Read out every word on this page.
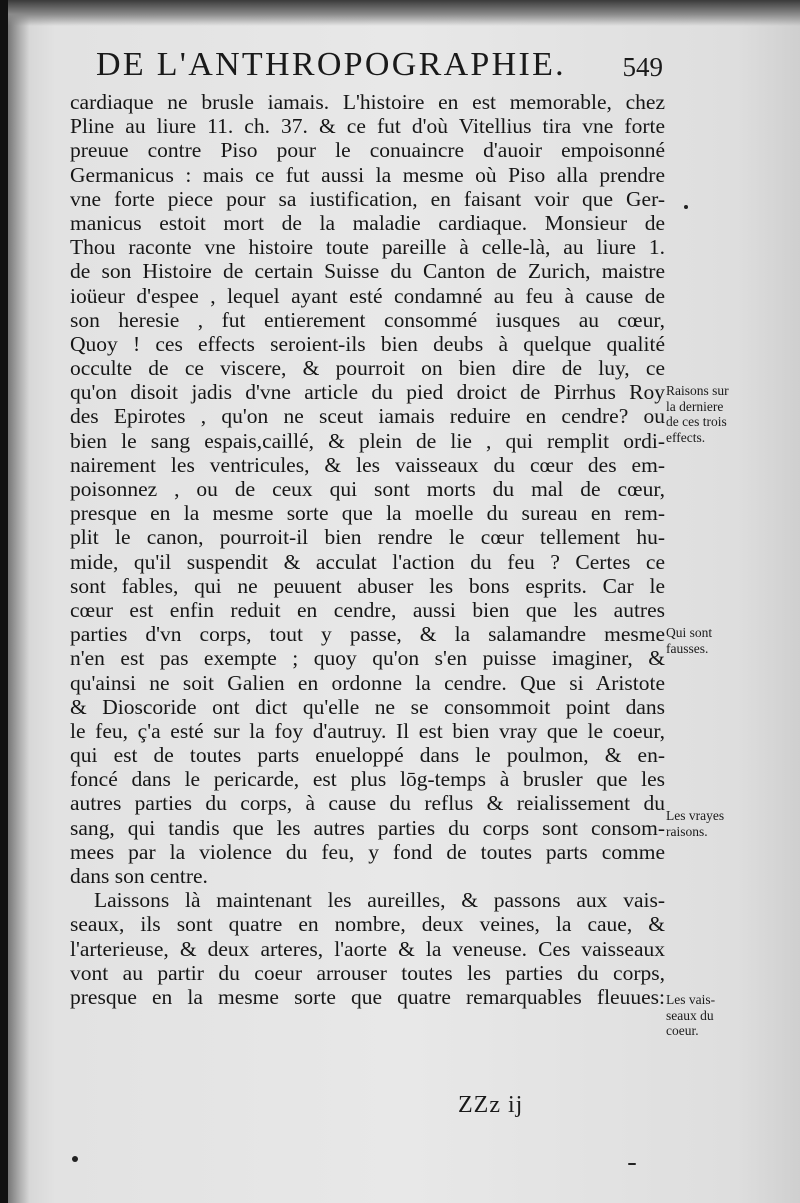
DE L'ANTHROPOGRAPHIE. 549
cardiaque ne brusle iamais. L'histoire en est memorable, chez
Pline au liure 11. ch. 37. & ce fut d'où Vitellius tira vne forte
preuue contre Piso pour le conuaincre d'auoir empoisonné
Germanicus : mais ce fut aussi la mesme où Piso alla prendre
vne forte piece pour sa iustification, en faisant voir que Ger-
manicus estoit mort de la maladie cardiaque. Monsieur de
Thou raconte vne histoire toute pareille à celle-là, au liure 1.
de son Histoire de certain Suisse du Canton de Zurich, maistre
ioüeur d'espee , lequel ayant esté condamné au feu à cause de
son heresie , fut entierement consommé iusques au cœur,
Quoy ! ces effects seroient-ils bien deubs à quelque qualité
occulte de ce viscere, & pourroit on bien dire de luy, ce
qu'on disoit jadis d'vne article du pied droict de Pirrhus Roy
des Epirotes , qu'on ne sceut iamais reduire en cendre? ou
bien le sang espais,caillé, & plein de lie , qui remplit ordi-
nairement les ventricules, & les vaisseaux du cœur des em-
poisonnez , ou de ceux qui sont morts du mal de cœur,
presque en la mesme sorte que la moelle du sureau en rem-
plit le canon, pourroit-il bien rendre le cœur tellement hu-
mide, qu'il suspendit & acculat l'action du feu ? Certes ce
sont fables, qui ne peuuent abuser les bons esprits. Car le
cœur est enfin reduit en cendre, aussi bien que les autres
parties d'vn corps, tout y passe, & la salamandre mesme
n'en est pas exempte ; quoy qu'on s'en puisse imaginer, &
qu'ainsi ne soit Galien en ordonne la cendre. Que si Aristote
& Dioscoride ont dict qu'elle ne se consommoit point dans
le feu, ç'a esté sur la foy d'autruy. Il est bien vray que le coeur,
qui est de toutes parts enueloppé dans le poulmon, & en-
foncé dans le pericarde, est plus lōg-temps à brusler que les
autres parties du corps, à cause du reflus & reialissement du
sang, qui tandis que les autres parties du corps sont consom-
mees par la violence du feu, y fond de toutes parts comme
dans son centre.
Laissons là maintenant les aureilles, & passons aux vais-
seaux, ils sont quatre en nombre, deux veines, la caue, &
l'arterieuse, & deux arteres, l'aorte & la veneuse. Ces vaisseaux
vont au partir du coeur arrouser toutes les parties du corps,
presque en la mesme sorte que quatre remarquables fleuues:
Raisons sur
la derniere
de ces trois
effects.
Qui sont
fausses.
Les vrayes
raisons.
Les vais-
seaux du
coeur.
ZZz ij
